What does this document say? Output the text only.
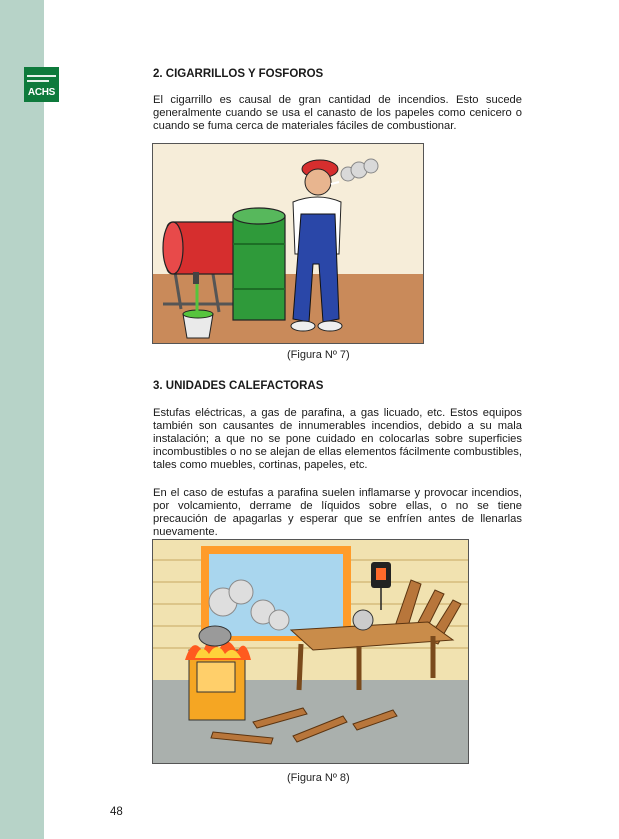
ACHS
2. CIGARRILLOS Y FOSFOROS
El cigarrillo es causal de gran cantidad de incendios. Esto sucede generalmente cuando se usa el canasto de los papeles como cenicero o cuando se fuma cerca de materiales fáciles de combustionar.
(Figura Nº 7)
3. UNIDADES CALEFACTORAS
Estufas eléctricas, a gas de parafina, a gas licuado, etc. Estos equipos también son causantes de innumerables incendios, debido a su mala instalación; a que no se pone cuidado en colocarlas sobre superficies incombustibles o no se alejan de ellas elementos fácilmente combustibles, tales como muebles, cortinas, papeles, etc.
En el caso de estufas a parafina suelen inflamarse y provocar incendios, por volcamiento, derrame de líquidos sobre ellas, o no se tiene precaución de apagarlas y esperar que se enfríen antes de llenarlas nuevamente.
(Figura Nº 8)
48
